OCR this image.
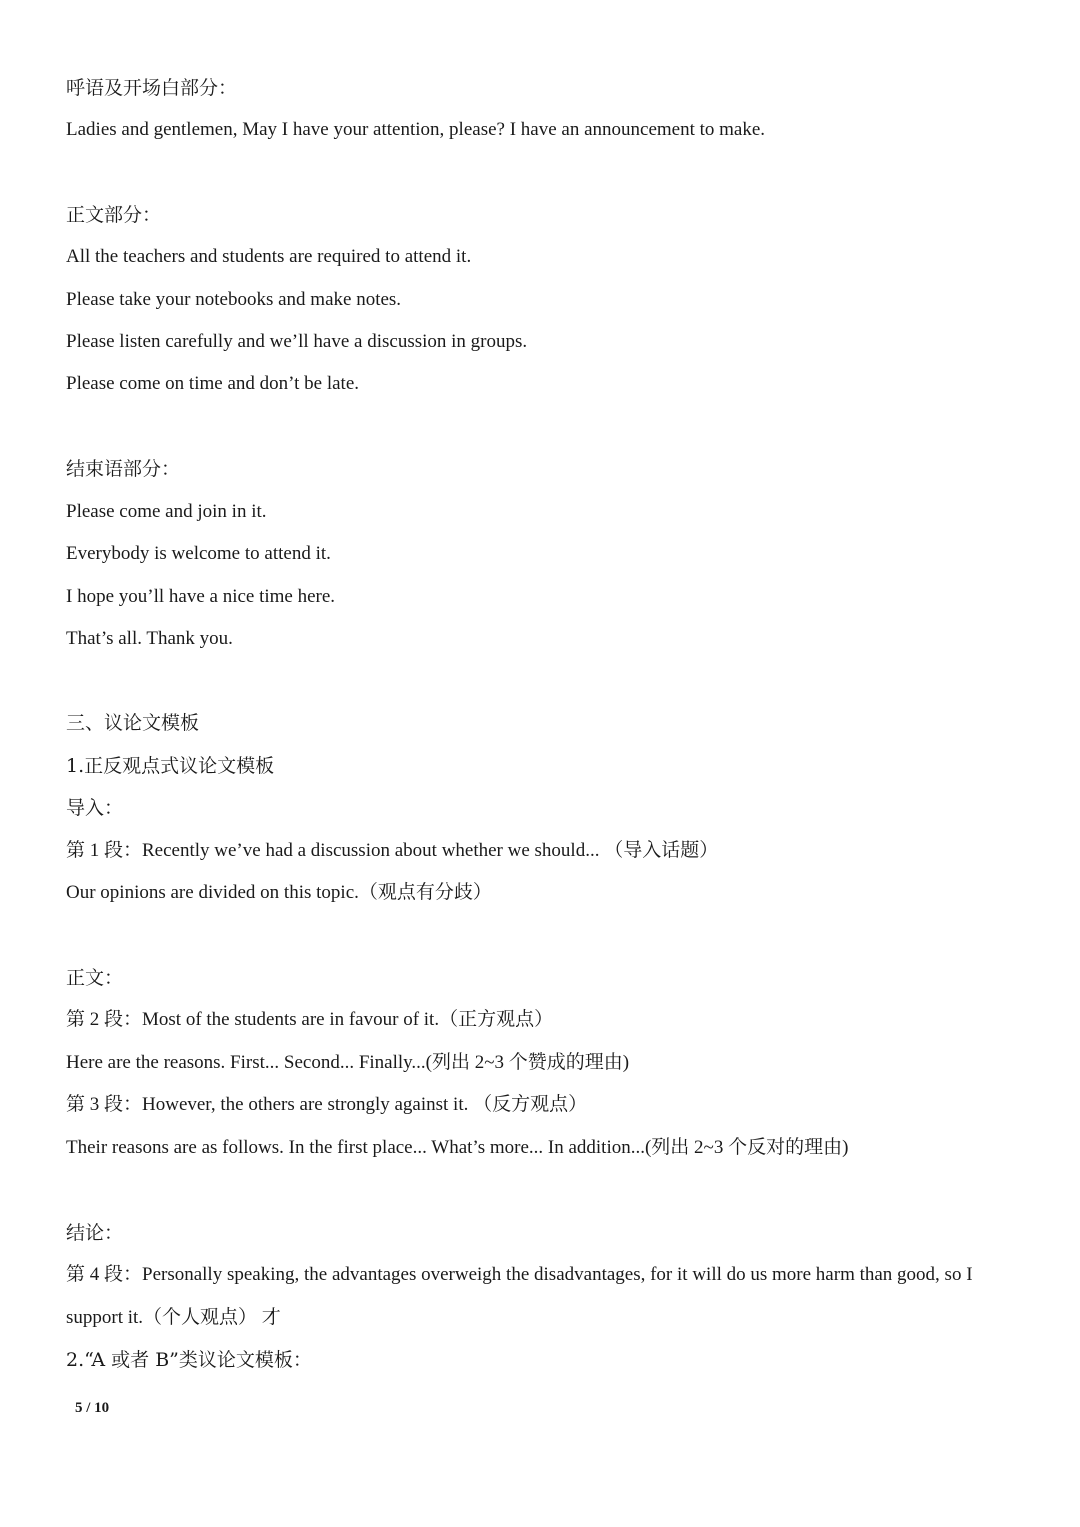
呼语及开场白部分：
Ladies and gentlemen, May I have your attention, please? I have an announcement to make.
正文部分：
All the teachers and students are required to attend it.
Please take your notebooks and make notes.
Please listen carefully and we’ll have a discussion in groups.
Please come on time and don’t be late.
结束语部分：
Please come and join in it.
Everybody is welcome to attend it.
I hope you’ll have a nice time here.
That’s all. Thank you.
三、议论文模板
1.正反观点式议论文模板
导入：
第 1 段：Recently we’ve had a discussion about whether we should... （导入话题）
Our opinions are divided on this topic.（观点有分歧）
正文：
第 2 段：Most of the students are in favour of it.（正方观点）
Here are the reasons. First... Second... Finally...(列出 2~3 个赞成的理由)
第 3 段：However, the others are strongly against it. （反方观点）
Their reasons are as follows. In the first place... What’s more... In addition...(列出 2~3 个反对的理由)
结论：
第 4 段：Personally speaking, the advantages overweigh the disadvantages, for it will do us more harm than good, so I
support it.（个人观点） 才
2.“A 或者 B”类议论文模板：
5 / 10
